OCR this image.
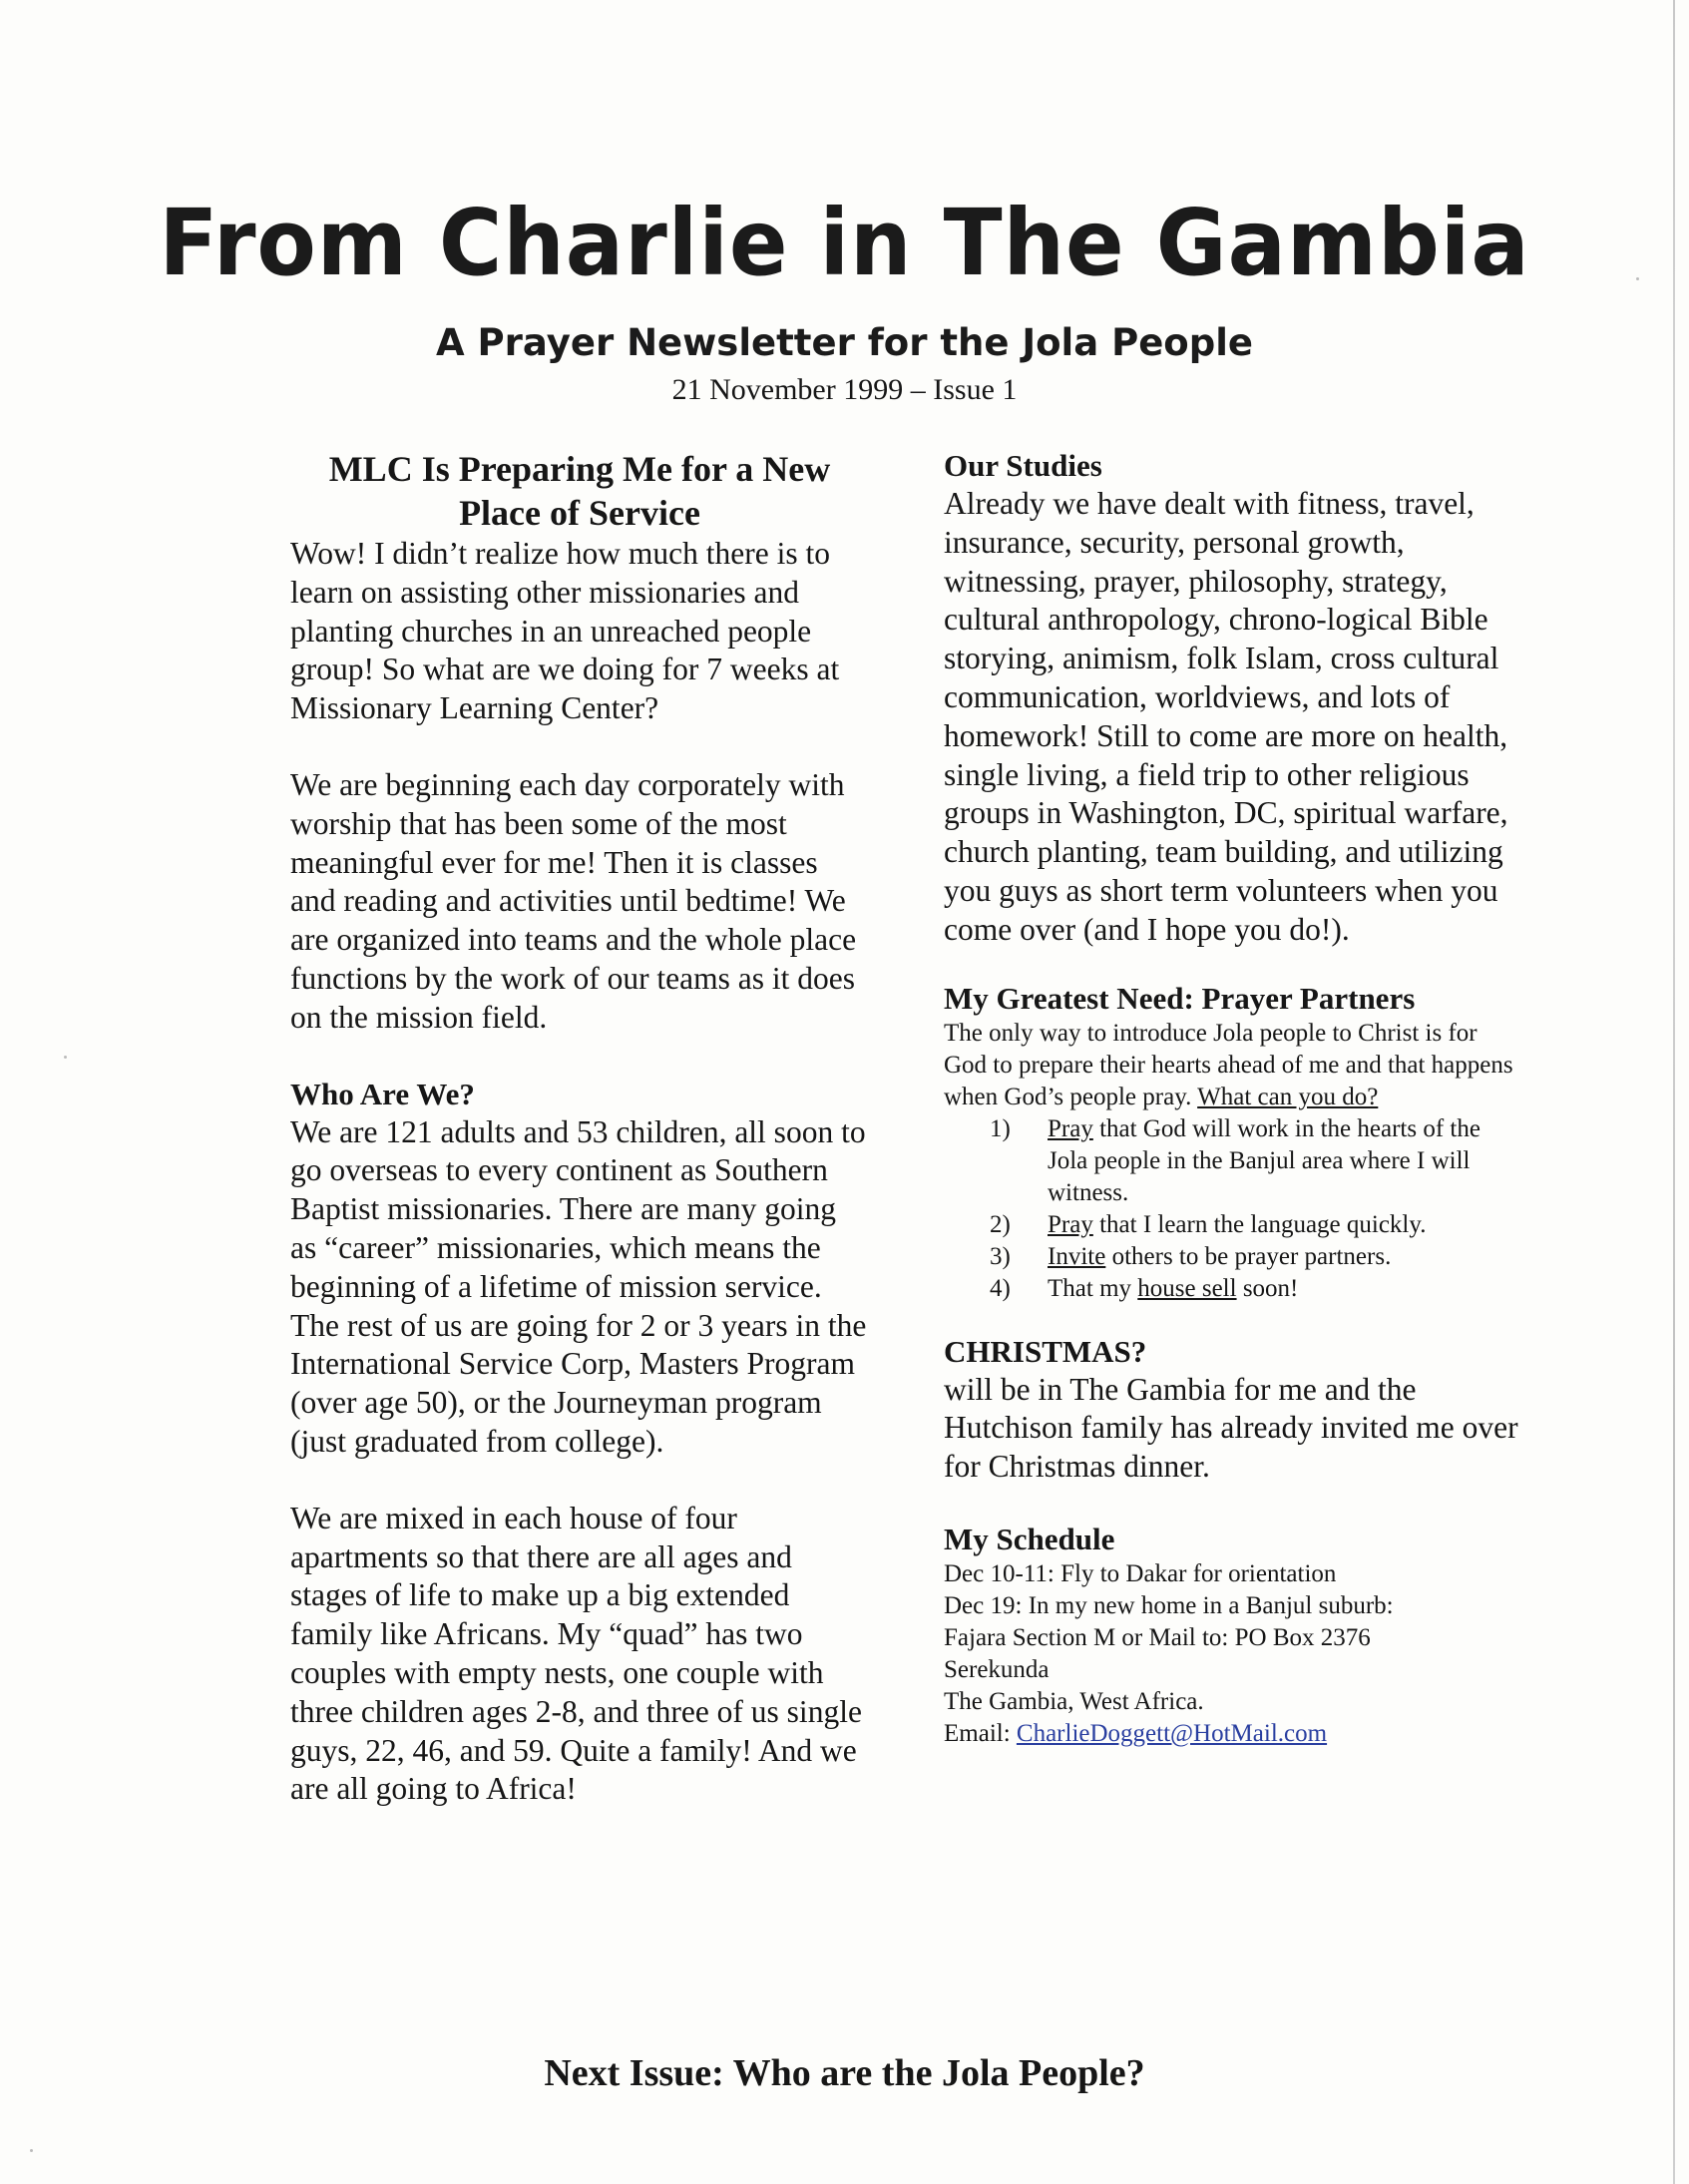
From Charlie in The Gambia
A Prayer Newsletter for the Jola People
21 November 1999 – Issue 1
MLC Is Preparing Me for a New Place of Service

Wow! I didn’t realize how much there is to learn on assisting other missionaries and planting churches in an unreached people group! So what are we doing for 7 weeks at Missionary Learning Center?

We are beginning each day corporately with worship that has been some of the most meaningful ever for me! Then it is classes and reading and activities until bedtime! We are organized into teams and the whole place functions by the work of our teams as it does on the mission field.

Who Are We?

We are 121 adults and 53 children, all soon to go overseas to every continent as Southern Baptist missionaries. There are many going as “career” missionaries, which means the beginning of a lifetime of mission service. The rest of us are going for 2 or 3 years in the International Service Corp, Masters Program (over age 50), or the Journeyman program (just graduated from college).

We are mixed in each house of four apartments so that there are all ages and stages of life to make up a big extended family like Africans. My “quad” has two couples with empty nests, one couple with three children ages 2-8, and three of us single guys, 22, 46, and 59. Quite a family! And we are all going to Africa!

Our Studies

Already we have dealt with fitness, travel, insurance, security, personal growth, witnessing, prayer, philosophy, strategy, cultural anthropology, chrono-logical Bible storying, animism, folk Islam, cross cultural communication, worldviews, and lots of homework! Still to come are more on health, single living, a field trip to other religious groups in Washington, DC, spiritual warfare, church planting, team building, and utilizing you guys as short term volunteers when you come over (and I hope you do!).

My Greatest Need: Prayer Partners

The only way to introduce Jola people to Christ is for God to prepare their hearts ahead of me and that happens when God’s people pray. What can you do?

1)	Pray that God will work in the hearts of the Jola people in the Banjul area where I will witness.
2)	Pray that I learn the language quickly.
3)	Invite others to be prayer partners.
4)	That my house sell soon!
CHRISTMAS?

will be in The Gambia for me and the Hutchison family has already invited me over for Christmas dinner.

My Schedule
Dec 10-11: Fly to Dakar for orientation
Dec 19: In my new home in a Banjul suburb:
Fajara Section M or Mail to: PO Box 2376
Serekunda
The Gambia, West Africa.
Email: CharlieDoggett@HotMail.com
Next Issue: Who are the Jola People?
